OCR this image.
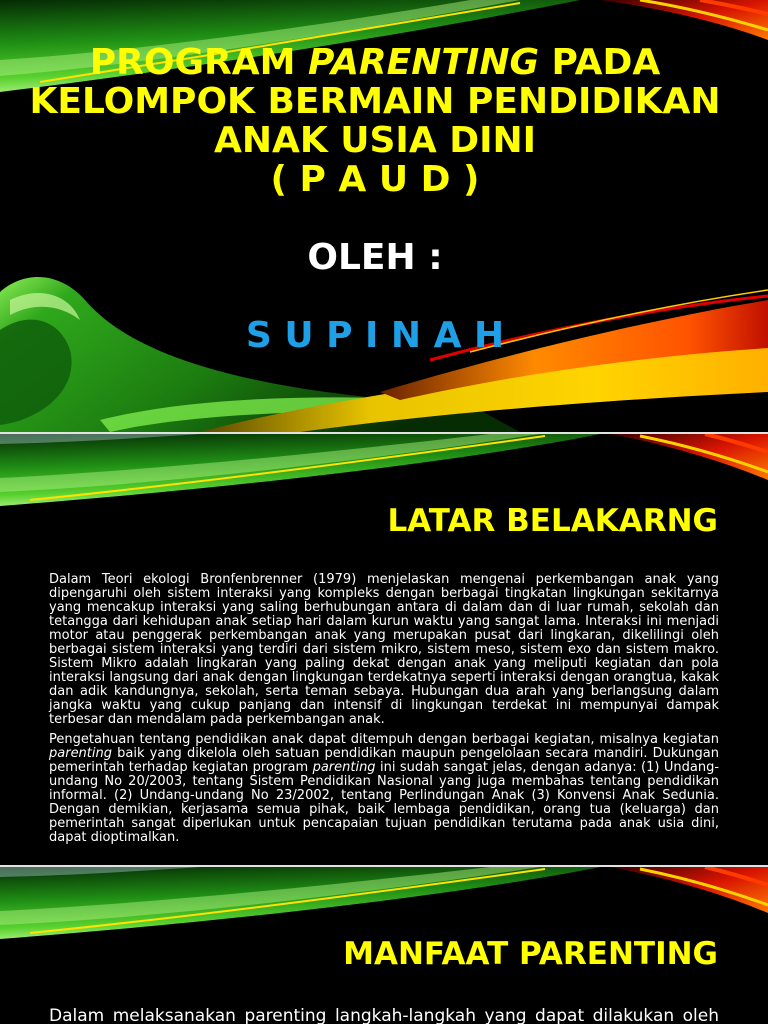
PROGRAM PARENTING PADA
KELOMPOK BERMAIN PENDIDIKAN
ANAK USIA DINI
( P A U D )
OLEH :
S U P I N A H
LATAR BELAKARNG

Dalam Teori ekologi Bronfenbrenner (1979) menjelaskan mengenai perkembangan anak yang dipengaruhi oleh sistem interaksi yang kompleks dengan berbagai tingkatan lingkungan sekitarnya yang mencakup interaksi yang saling berhubungan antara di dalam dan di luar rumah, sekolah dan tetangga dari kehidupan anak setiap hari dalam kurun waktu yang sangat lama. Interaksi ini menjadi motor atau penggerak perkembangan anak yang merupakan pusat dari lingkaran, dikelilingi oleh berbagai sistem interaksi yang terdiri dari sistem mikro, sistem meso, sistem exo dan sistem makro. Sistem Mikro adalah lingkaran yang paling dekat dengan anak yang meliputi kegiatan dan pola interaksi langsung dari anak dengan lingkungan terdekatnya seperti interaksi dengan orangtua, kakak dan adik kandungnya, sekolah, serta teman sebaya. Hubungan dua arah yang berlangsung dalam jangka waktu yang cukup panjang dan intensif di lingkungan terdekat ini mempunyai dampak terbesar dan mendalam pada perkembangan anak.

Pengetahuan tentang pendidikan anak dapat ditempuh dengan berbagai kegiatan, misalnya kegiatan parenting baik yang dikelola oleh satuan pendidikan maupun pengelolaan secara mandiri. Dukungan pemerintah terhadap kegiatan program parenting ini sudah sangat jelas, dengan adanya: (1) Undang-undang No 20/2003, tentang Sistem Pendidikan Nasional yang juga membahas tentang pendidikan informal. (2) Undang-undang No 23/2002, tentang Perlindungan Anak (3) Konvensi Anak Sedunia. Dengan demikian, kerjasama semua pihak, baik lembaga pendidikan, orang tua (keluarga) dan pemerintah sangat diperlukan untuk pencapaian tujuan pendidikan terutama pada anak usia dini, dapat dioptimalkan.

MANFAAT PARENTING

Dalam melaksanakan parenting langkah-langkah yang dapat dilakukan oleh
